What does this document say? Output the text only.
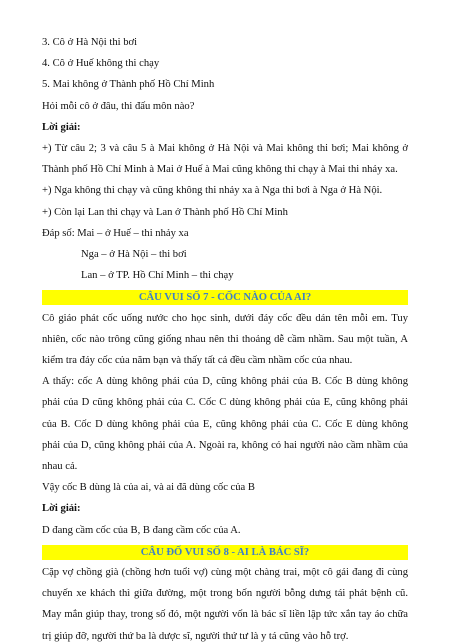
3. Cô ở Hà Nội thi bơi
4. Cô ở Huế không thi chạy
5. Mai không ở Thành phố Hồ Chí Minh
Hỏi mỗi cô ở đâu, thi đấu môn nào?
Lời giải:
+) Từ câu 2; 3 và câu 5 à Mai không ở Hà Nội và Mai không thi bơi; Mai không ở
Thành phố Hồ Chí Minh à Mai ở Huế à Mai cũng không thi chạy à Mai thi nhảy xa.
+) Nga không thi chạy và cũng không thi nhảy xa à Nga thi bơi à Nga ở Hà Nội.
+) Còn lại Lan thi chạy và Lan ở Thành phố Hồ Chí Minh
Đáp số: Mai – ở Huế – thi nhảy xa
Nga – ở Hà Nội – thi bơi
Lan – ở TP. Hồ Chí Minh – thi chạy
CÂU VUI SỐ 7 - CỐC NÀO CỦA AI?
Cô giáo phát cốc uống nước cho học sinh, dưới đáy cốc đều dán tên mỗi em. Tuy
nhiên, cốc nào trông cũng giống nhau nên thi thoảng dễ cầm nhầm. Sau một tuần, A
kiểm tra đáy cốc của năm bạn và thấy tất cả đều cầm nhầm cốc của nhau.
A thấy: cốc A dùng không phải của D, cũng không phải của B. Cốc B dùng không
phải của D cũng không phải của C. Cốc C dùng không phải của E, cũng không phải
của B. Cốc D dùng không phải của E, cũng không phải của C. Cốc E dùng không
phải của D, cũng không phải của A. Ngoài ra, không có hai người nào cầm nhầm của
nhau cả.
Vậy cốc B dùng là của ai, và ai đã dùng cốc của B
Lời giải:
D đang cầm cốc của B, B đang cầm cốc của A.
CÂU ĐỐ VUI SỐ 8 - AI LÀ BÁC SĨ?
Cặp vợ chồng già (chồng hơn tuổi vợ) cùng một chàng trai, một cô gái đang đi cùng
chuyến xe khách thì giữa đường, một trong bốn người bỗng dưng tái phát bệnh cũ.
May mắn giúp thay, trong số đó, một người vốn là bác sĩ liền lập tức xắn tay áo chữa
trị giúp đỡ, người thứ ba là dược sĩ, người thứ tư là y tá cũng vào hỗ trợ.
